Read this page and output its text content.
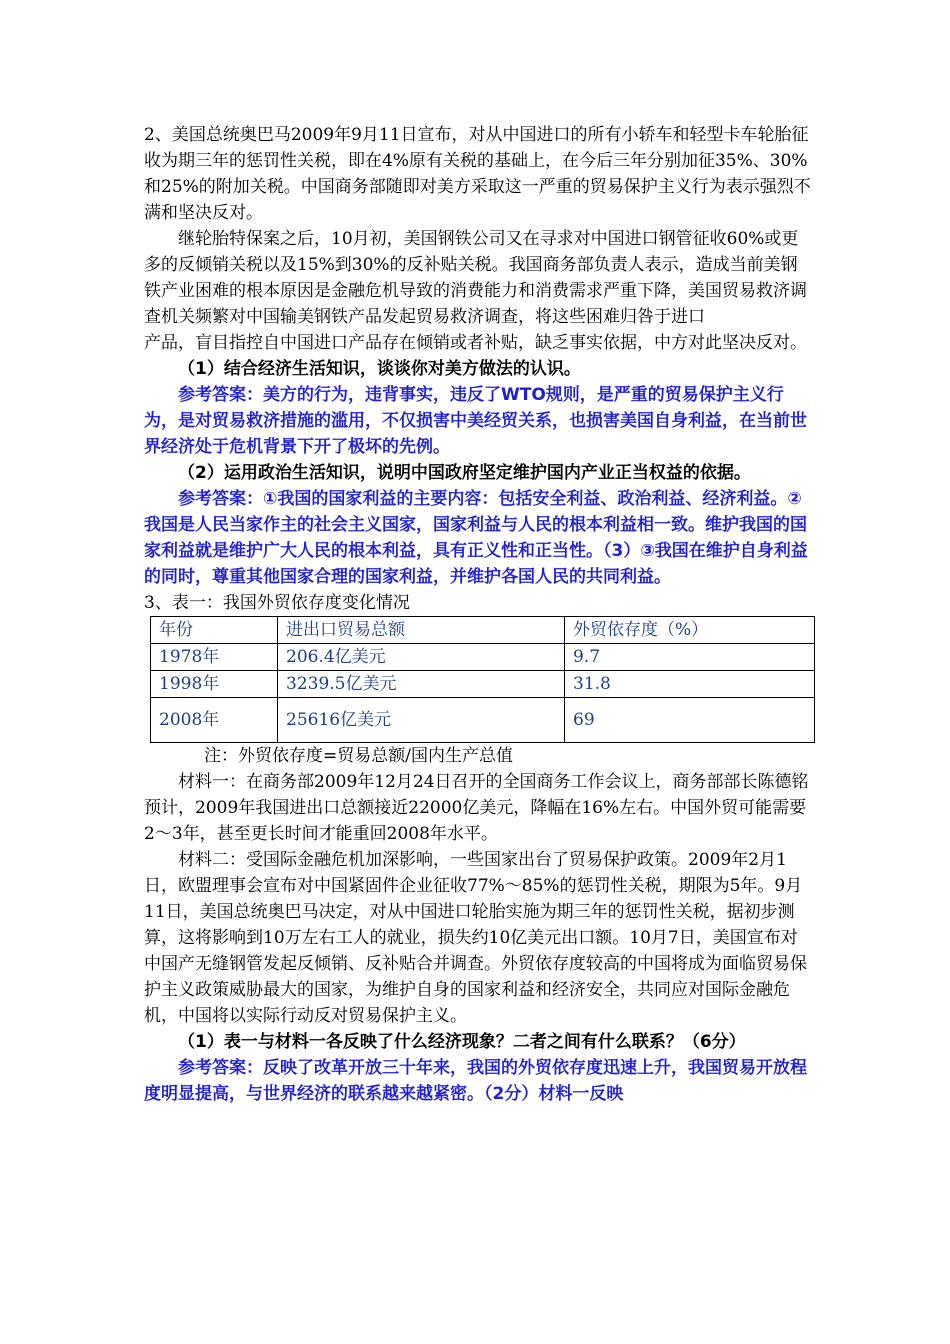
2、美国总统奥巴马2009年9月11日宣布，对从中国进口的所有小轿车和轻型卡车轮胎征收为期三年的惩罚性关税，即在4%原有关税的基础上，在今后三年分别加征35%、30%和25%的附加关税。中国商务部随即对美方采取这一严重的贸易保护主义行为表示强烈不满和坚决反对。

继轮胎特保案之后，10月初，美国钢铁公司又在寻求对中国进口钢管征收60%或更多的反倾销关税以及15%到30%的反补贴关税。我国商务部负责人表示，造成当前美钢铁产业困难的根本原因是金融危机导致的消费能力和消费需求严重下降，美国贸易救济调查机关频繁对中国输美钢铁产品发起贸易救济调查，将这些困难归咎于进口

产品，盲目指控自中国进口产品存在倾销或者补贴，缺乏事实依据，中方对此坚决反对。

（1）结合经济生活知识，谈谈你对美方做法的认识。

参考答案：美方的行为，违背事实，违反了WTO规则，是严重的贸易保护主义行为，是对贸易救济措施的滥用，不仅损害中美经贸关系，也损害美国自身利益，在当前世界经济处于危机背景下开了极坏的先例。

（2）运用政治生活知识，说明中国政府坚定维护国内产业正当权益的依据。

参考答案：①我国的国家利益的主要内容：包括安全利益、政治利益、经济利益。②我国是人民当家作主的社会主义国家，国家利益与人民的根本利益相一致。维护我国的国家利益就是维护广大人民的根本利益，具有正义性和正当性。（3）③我国在维护自身利益的同时，尊重其他国家合理的国家利益，并维护各国人民的共同利益。

3、表一：我国外贸依存度变化情况

年份	进出口贸易总额	外贸依存度（%）
1978年	206.4亿美元	9.7
1998年	3239.5亿美元	31.8
2008年	25616亿美元	69

注：外贸依存度=贸易总额/国内生产总值

材料一：在商务部2009年12月24日召开的全国商务工作会议上，商务部部长陈德铭预计，2009年我国进出口总额接近22000亿美元，降幅在16%左右。中国外贸可能需要2～3年，甚至更长时间才能重回2008年水平。

材料二：受国际金融危机加深影响，一些国家出台了贸易保护政策。2009年2月1日，欧盟理事会宣布对中国紧固件企业征收77%～85%的惩罚性关税，期限为5年。9月11日，美国总统奥巴马决定，对从中国进口轮胎实施为期三年的惩罚性关税，据初步测算，这将影响到10万左右工人的就业，损失约10亿美元出口额。10月7日，美国宣布对中国产无缝钢管发起反倾销、反补贴合并调查。外贸依存度较高的中国将成为面临贸易保护主义政策威胁最大的国家，为维护自身的国家利益和经济安全，共同应对国际金融危机，中国将以实际行动反对贸易保护主义。

（1）表一与材料一各反映了什么经济现象？二者之间有什么联系？（6分）

参考答案：反映了改革开放三十年来，我国的外贸依存度迅速上升，我国贸易开放程度明显提高，与世界经济的联系越来越紧密。（2分）材料一反映
